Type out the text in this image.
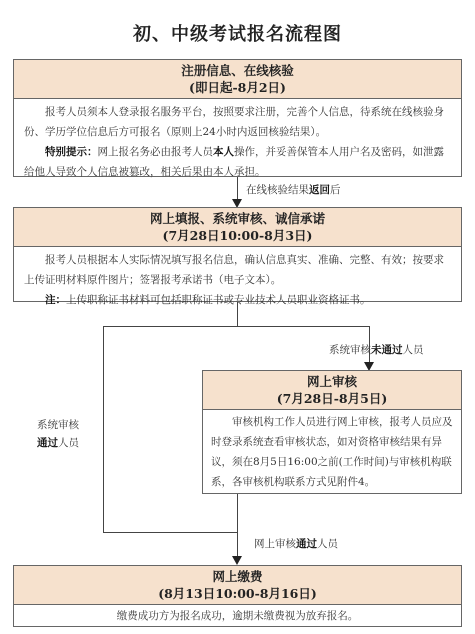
初、中级考试报名流程图
注册信息、在线核验
(即日起-8月2日)
报考人员须本人登录报名服务平台，按照要求注册，完善个人信息，待系统在线核验身份、学历学位信息后方可报名（原则上24小时内返回核验结果）。
特别提示：网上报名务必由报考人员本人操作，并妥善保管本人用户名及密码，如泄露给他人导致个人信息被篡改，相关后果由本人承担。
在线核验结果返回后
网上填报、系统审核、诚信承诺
(7月28日10:00-8月3日)
报考人员根据本人实际情况填写报名信息，确认信息真实、准确、完整、有效；按要求上传证明材料原件图片；签署报考承诺书（电子文本）。
注：上传职称证书材料可包括职称证书或专业技术人员职业资格证书。
系统审核未通过人员
系统审核
通过人员
网上审核
(7月28日-8月5日)
审核机构工作人员进行网上审核，报考人员应及时登录系统查看审核状态，如对资格审核结果有异议，须在8月5日16:00之前(工作时间)与审核机构联系，各审核机构联系方式见附件4。
网上审核通过人员
网上缴费
(8月13日10:00-8月16日)
缴费成功方为报名成功，逾期未缴费视为放弃报名。
